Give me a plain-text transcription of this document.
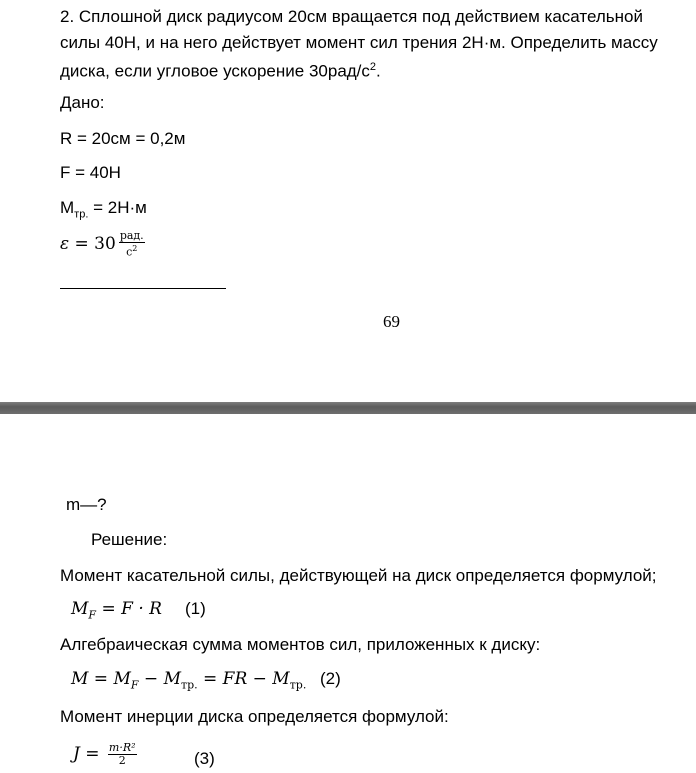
2. Сплошной диск радиусом 20см вращается под действием касательной
силы 40Н, и на него действует момент сил трения 2Н·м. Определить массу
диска, если угловое ускорение $30рад/с^2$.
Дано:
R = 20см = 0,2м
F = 40Н
$М_{тр.} = 2Н\cdot м$
$\varepsilon = 30 \frac{\text{рад.}}{с^2}$
69
m—?
Решение:
Момент касательной силы, действующей на диск определяется формулой;
$M_F = F \cdot R$ (1)
Алгебраическая сумма моментов сил, приложенных к диску:
$M = M_F - M_{тр.}$ = FR − $M_{тр.}$ (2)
Момент инерции диска определяется формулой:
$J = \frac{\text{m·R²}}{2}$	(3)
